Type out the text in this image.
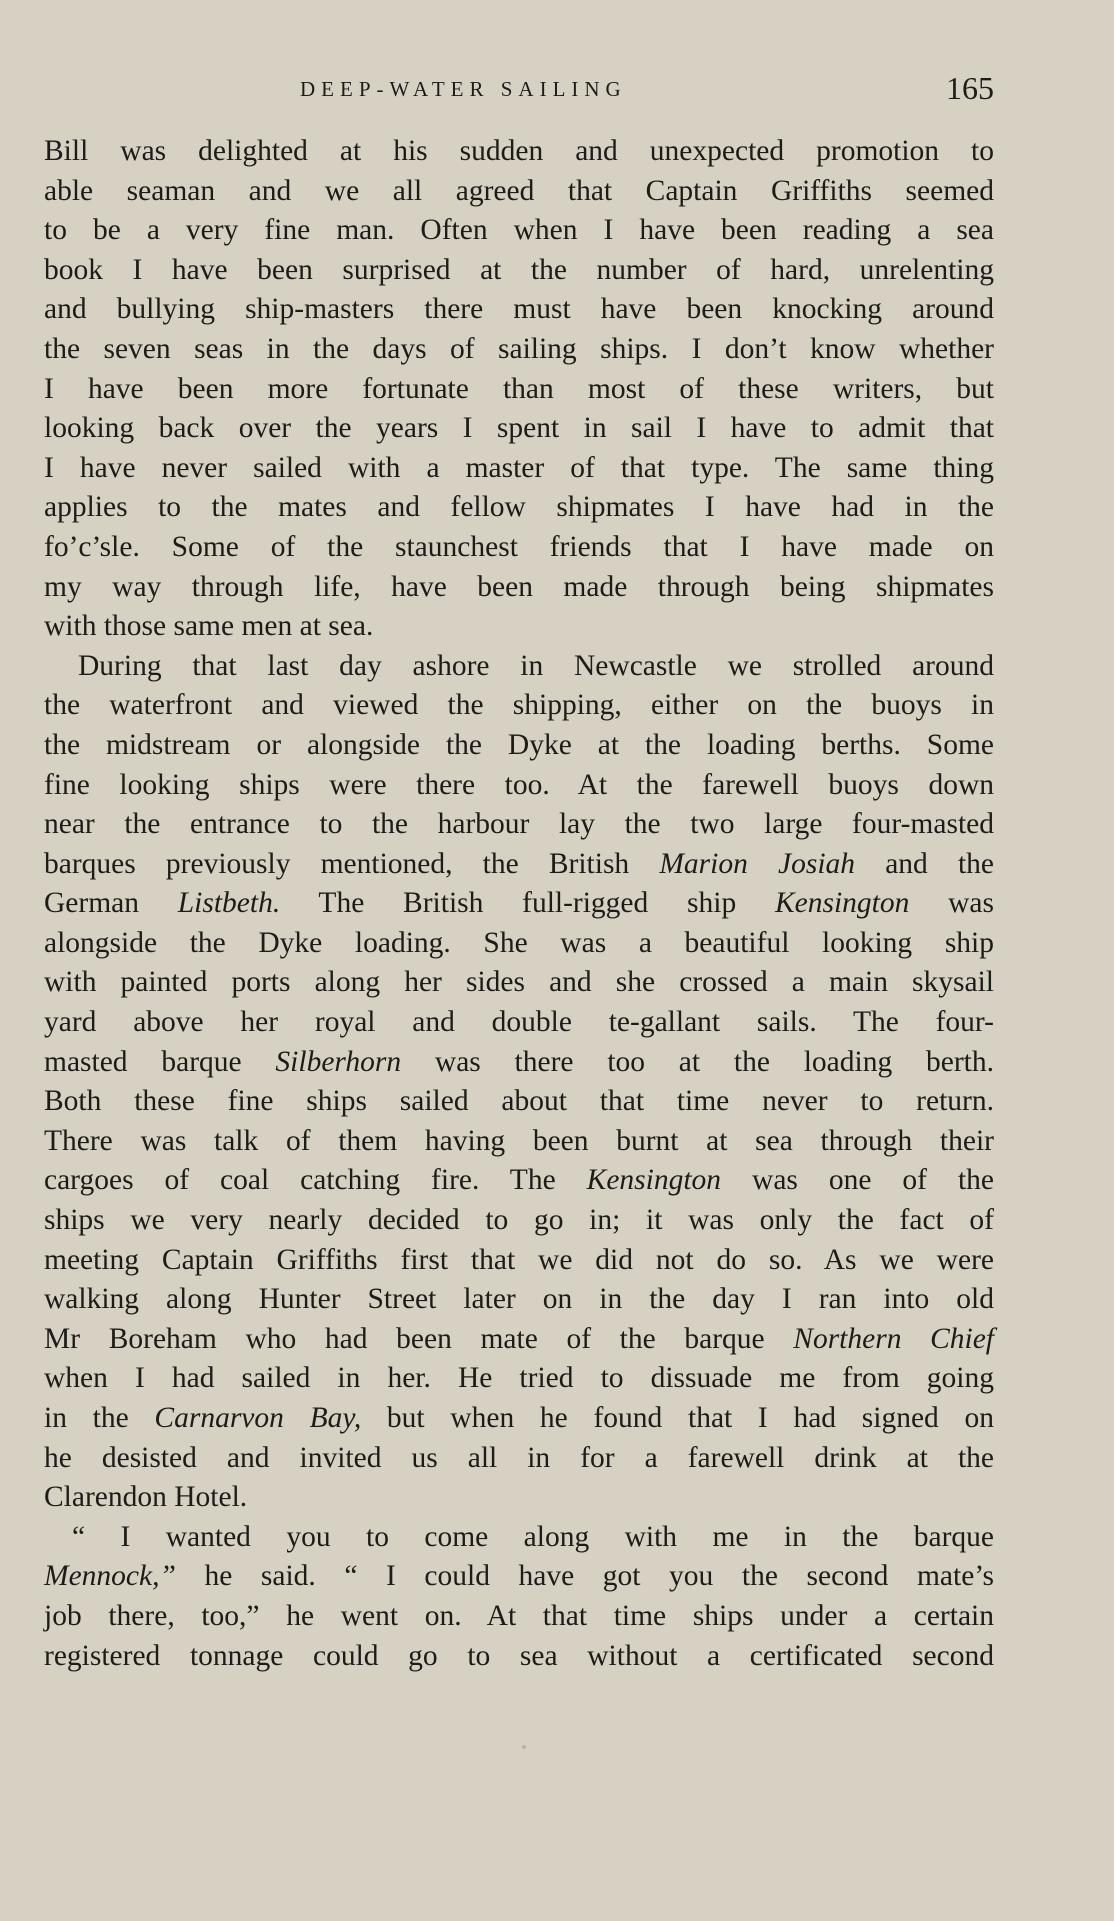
DEEP-WATER SAILING	165
Bill was delighted at his sudden and unexpected promotion to
able seaman and we all agreed that Captain Griffiths seemed
to be a very fine man. Often when I have been reading a sea
book I have been surprised at the number of hard, unrelenting
and bullying ship-masters there must have been knocking around
the seven seas in the days of sailing ships. I don’t know whether
I have been more fortunate than most of these writers, but
looking back over the years I spent in sail I have to admit that
I have never sailed with a master of that type. The same thing
applies to the mates and fellow shipmates I have had in the
fo’c’sle. Some of the staunchest friends that I have made on
my way through life, have been made through being shipmates
with those same men at sea.
During that last day ashore in Newcastle we strolled around
the waterfront and viewed the shipping, either on the buoys in
the midstream or alongside the Dyke at the loading berths. Some
fine looking ships were there too. At the farewell buoys down
near the entrance to the harbour lay the two large four-masted
barques previously mentioned, the British Marion Josiah and the
German Listbeth. The British full-rigged ship Kensington was
alongside the Dyke loading. She was a beautiful looking ship
with painted ports along her sides and she crossed a main skysail
yard above her royal and double te-gallant sails. The four-
masted barque Silberhorn was there too at the loading berth.
Both these fine ships sailed about that time never to return.
There was talk of them having been burnt at sea through their
cargoes of coal catching fire. The Kensington was one of the
ships we very nearly decided to go in; it was only the fact of
meeting Captain Griffiths first that we did not do so. As we were
walking along Hunter Street later on in the day I ran into old
Mr Boreham who had been mate of the barque Northern Chief
when I had sailed in her. He tried to dissuade me from going
in the Carnarvon Bay, but when he found that I had signed on
he desisted and invited us all in for a farewell drink at the
Clarendon Hotel.
“ I wanted you to come along with me in the barque
Mennock,” he said. “ I could have got you the second mate’s
job there, too,” he went on. At that time ships under a certain
registered tonnage could go to sea without a certificated second
